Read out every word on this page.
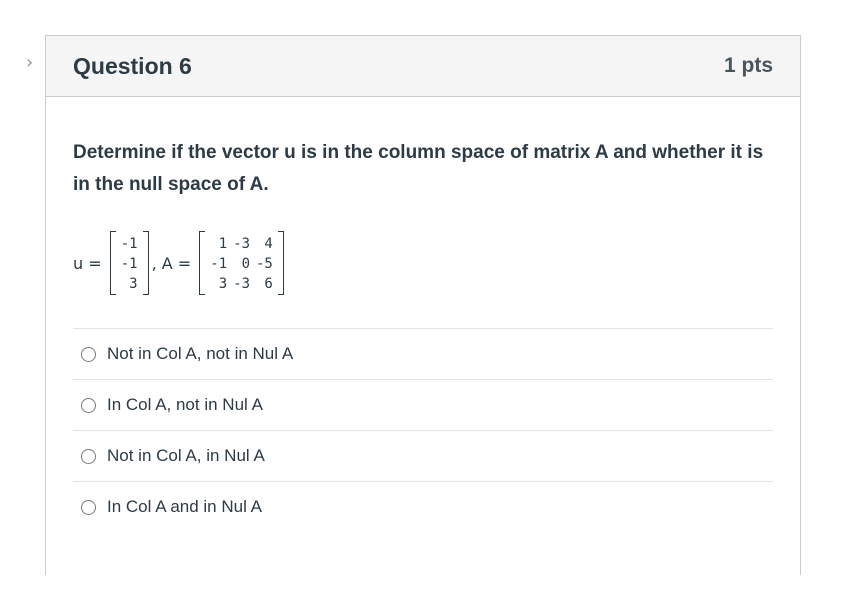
› Question 6	1 pts

Determine if the vector u is in the column space of matrix A and whether it is in the null space of A.

u =
-1
-1
3
, A =
1	-3	4
-1	0	-5
3	-3	6
Not in Col A, not in Nul A
In Col A, not in Nul A
Not in Col A, in Nul A
In Col A and in Nul A
